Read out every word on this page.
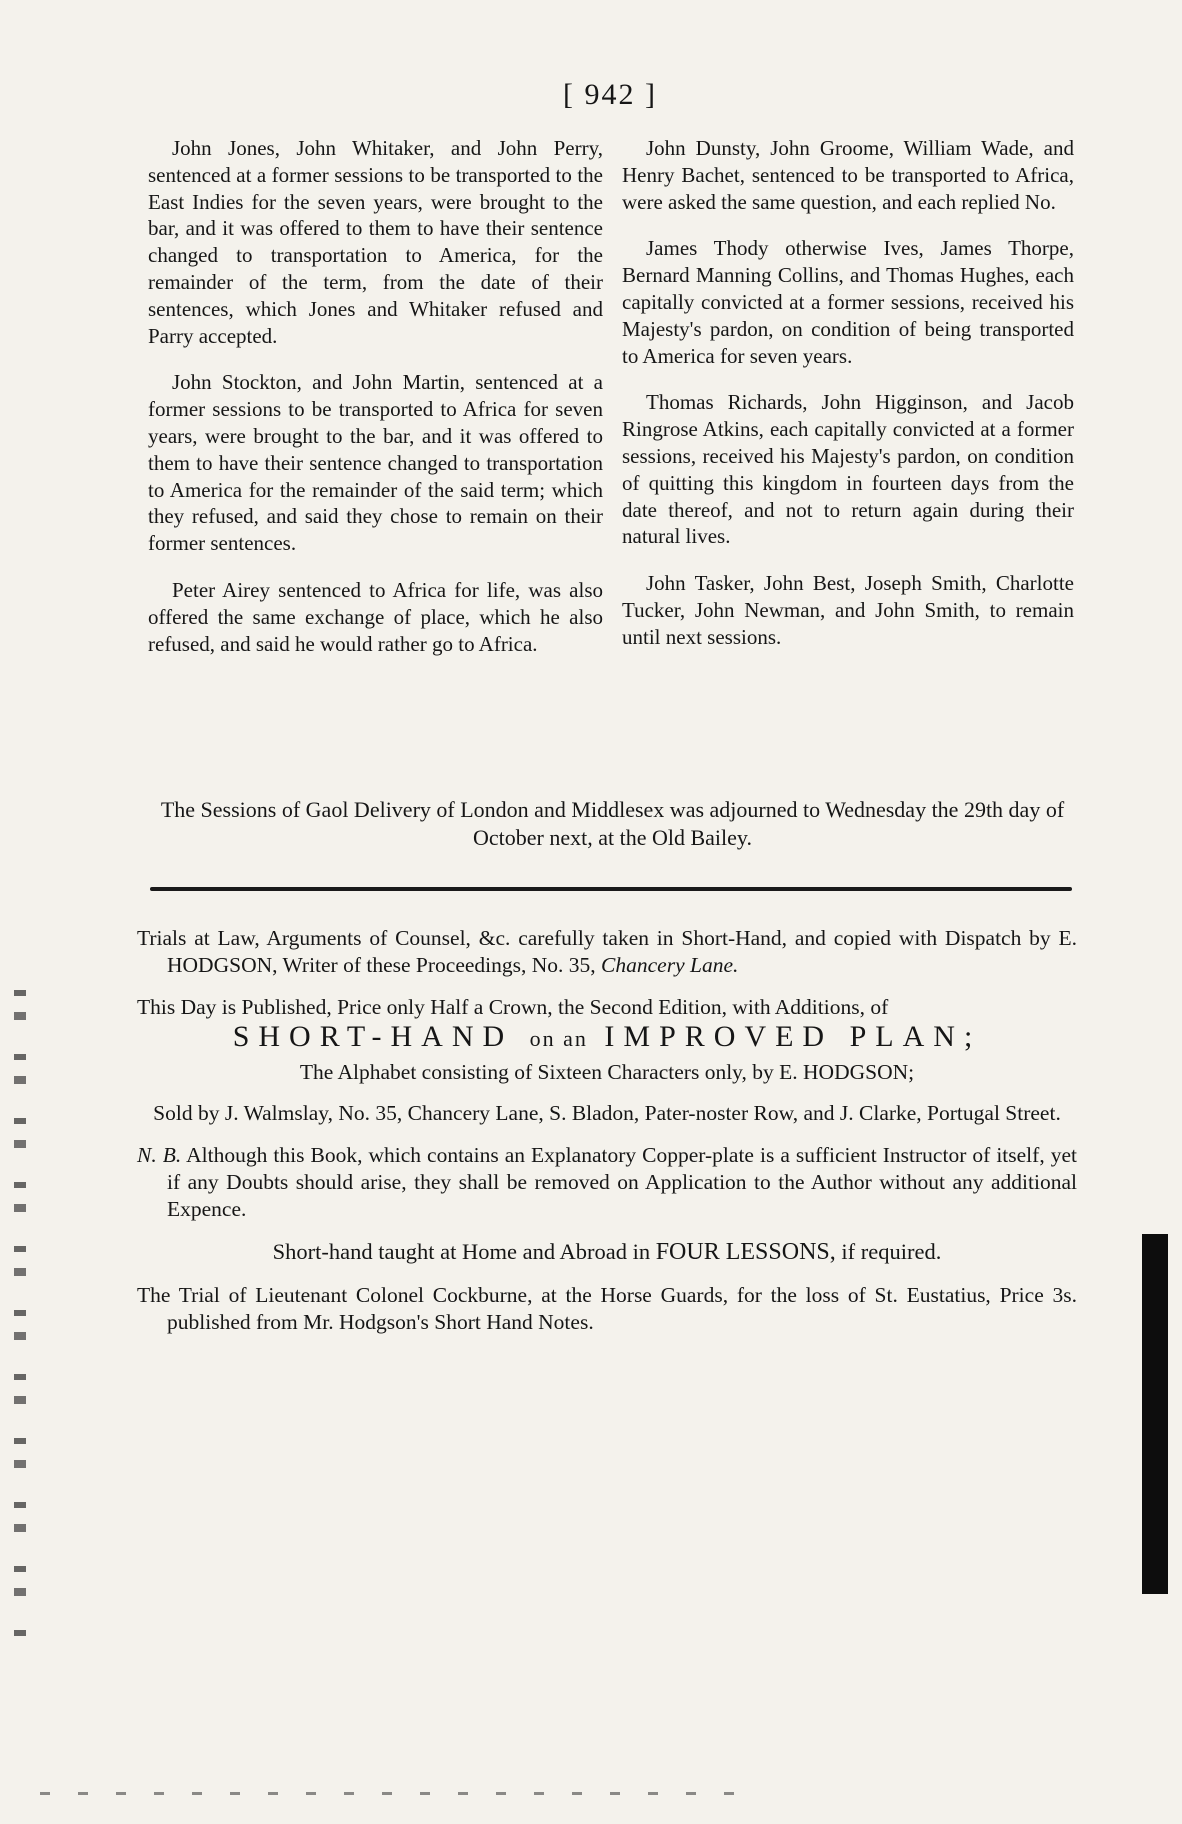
[ 942 ]

John Jones, John Whitaker, and John Perry, sentenced at a former sessions to be transported to the East Indies for the seven years, were brought to the bar, and it was offered to them to have their sentence changed to transportation to America, for the remainder of the term, from the date of their sentences, which Jones and Whitaker refused and Parry accepted.

John Stockton, and John Martin, sentenced at a former sessions to be transported to Africa for seven years, were brought to the bar, and it was offered to them to have their sentence changed to transportation to America for the remainder of the said term; which they refused, and said they chose to remain on their former sentences.

Peter Airey sentenced to Africa for life, was also offered the same exchange of place, which he also refused, and said he would rather go to Africa.

John Dunsty, John Groome, William Wade, and Henry Bachet, sentenced to be transported to Africa, were asked the same question, and each replied No.

James Thody otherwise Ives, James Thorpe, Bernard Manning Collins, and Thomas Hughes, each capitally convicted at a former sessions, received his Majesty's pardon, on condition of being transported to America for seven years.

Thomas Richards, John Higginson, and Jacob Ringrose Atkins, each capitally convicted at a former sessions, received his Majesty's pardon, on condition of quitting this kingdom in fourteen days from the date thereof, and not to return again during their natural lives.

John Tasker, John Best, Joseph Smith, Charlotte Tucker, John Newman, and John Smith, to remain until next sessions.

The Sessions of Gaol Delivery of London and Middlesex was adjourned to Wednesday the 29th day of October next, at the Old Bailey.
Trials at Law, Arguments of Counsel, &c. carefully taken in Short-Hand, and copied with Dispatch by E. HODGSON, Writer of these Proceedings, No. 35, Chancery Lane.
This Day is Published, Price only Half a Crown, the Second Edition, with Additions, of
SHORT-HAND on an IMPROVED PLAN;
The Alphabet consisting of Sixteen Characters only, by E. HODGSON;
Sold by J. Walmslay, No. 35, Chancery Lane, S. Bladon, Pater-noster Row, and J. Clarke, Portugal Street.
N. B. Although this Book, which contains an Explanatory Copper-plate is a sufficient Instructor of itself, yet if any Doubts should arise, they shall be removed on Application to the Author without any additional Expence.
Short-hand taught at Home and Abroad in FOUR LESSONS, if required.
The Trial of Lieutenant Colonel Cockburne, at the Horse Guards, for the loss of St. Eustatius, Price 3s. published from Mr. Hodgson's Short Hand Notes.
